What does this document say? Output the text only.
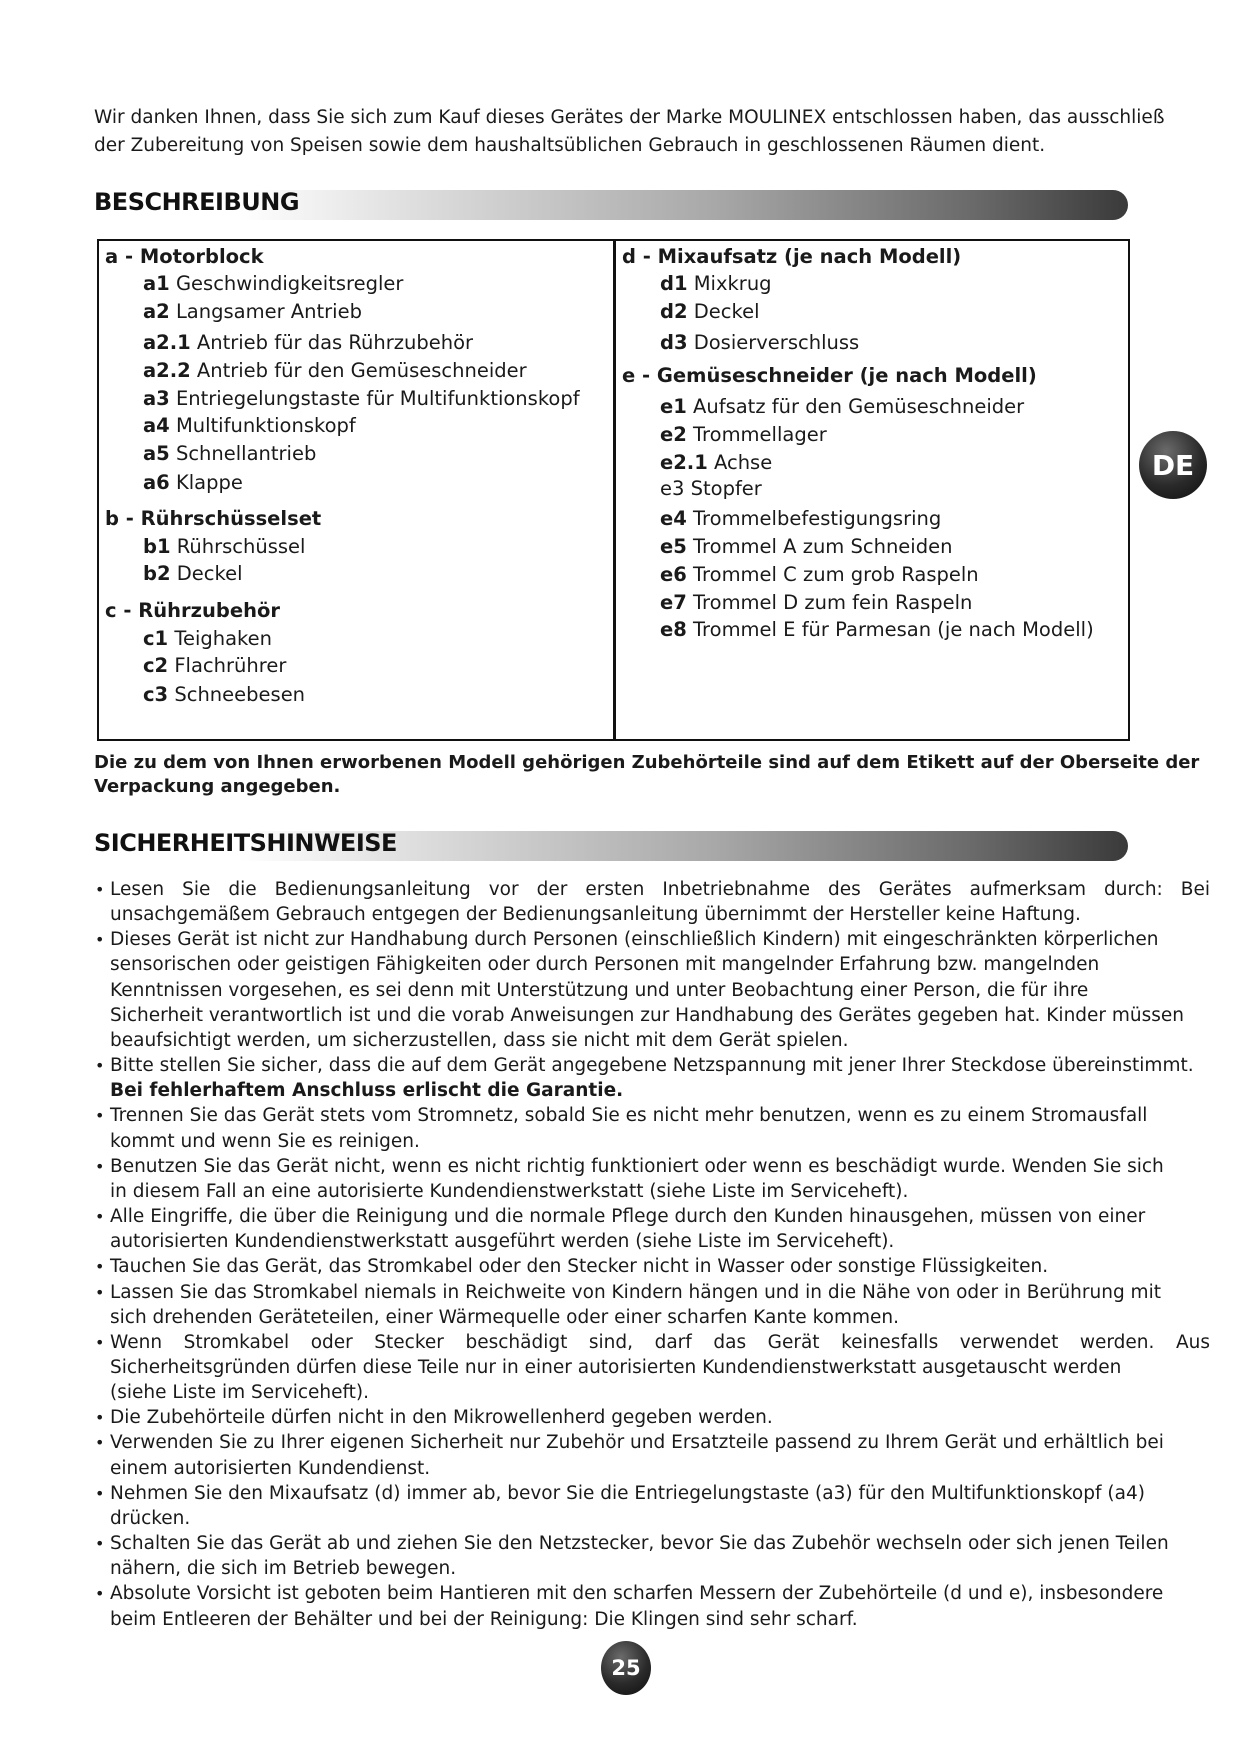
Wir danken Ihnen, dass Sie sich zum Kauf dieses Gerätes der Marke MOULINEX entschlossen haben, das ausschließ
der Zubereitung von Speisen sowie dem haushaltsüblichen Gebrauch in geschlossenen Räumen dient.
BESCHREIBUNG
a - Motorblock
a1 Geschwindigkeitsregler
a2 Langsamer Antrieb
a2.1 Antrieb für das Rührzubehör
a2.2 Antrieb für den Gemüseschneider
a3 Entriegelungstaste für Multifunktionskopf
a4 Multifunktionskopf
a5 Schnellantrieb
a6 Klappe
b - Rührschüsselset
b1 Rührschüssel
b2 Deckel
c - Rührzubehör
c1 Teighaken
c2 Flachrührer
c3 Schneebesen
d - Mixaufsatz (je nach Modell)
d1 Mixkrug
d2 Deckel
d3 Dosierverschluss
e - Gemüseschneider (je nach Modell)
e1 Aufsatz für den Gemüseschneider
e2 Trommellager
e2.1 Achse
e3 Stopfer
e4 Trommelbefestigungsring
e5 Trommel A zum Schneiden
e6 Trommel C zum grob Raspeln
e7 Trommel D zum fein Raspeln
e8 Trommel E für Parmesan (je nach Modell)
Die zu dem von Ihnen erworbenen Modell gehörigen Zubehörteile sind auf dem Etikett auf der Oberseite der
Verpackung angegeben.
DE
SICHERHEITSHINWEISE
• Lesen Sie die Bedienungsanleitung vor der ersten Inbetriebnahme des Gerätes aufmerksam durch: Bei
unsachgemäßem Gebrauch entgegen der Bedienungsanleitung übernimmt der Hersteller keine Haftung.
• Dieses Gerät ist nicht zur Handhabung durch Personen (einschließlich Kindern) mit eingeschränkten körperlichen
sensorischen oder geistigen Fähigkeiten oder durch Personen mit mangelnder Erfahrung bzw. mangelnden
Kenntnissen vorgesehen, es sei denn mit Unterstützung und unter Beobachtung einer Person, die für ihre
Sicherheit verantwortlich ist und die vorab Anweisungen zur Handhabung des Gerätes gegeben hat. Kinder müssen
beaufsichtigt werden, um sicherzustellen, dass sie nicht mit dem Gerät spielen.
• Bitte stellen Sie sicher, dass die auf dem Gerät angegebene Netzspannung mit jener Ihrer Steckdose übereinstimmt.
Bei fehlerhaftem Anschluss erlischt die Garantie.
• Trennen Sie das Gerät stets vom Stromnetz, sobald Sie es nicht mehr benutzen, wenn es zu einem Stromausfall
kommt und wenn Sie es reinigen.
• Benutzen Sie das Gerät nicht, wenn es nicht richtig funktioniert oder wenn es beschädigt wurde. Wenden Sie sich
in diesem Fall an eine autorisierte Kundendienstwerkstatt (siehe Liste im Serviceheft).
• Alle Eingriffe, die über die Reinigung und die normale Pflege durch den Kunden hinausgehen, müssen von einer
autorisierten Kundendienstwerkstatt ausgeführt werden (siehe Liste im Serviceheft).
• Tauchen Sie das Gerät, das Stromkabel oder den Stecker nicht in Wasser oder sonstige Flüssigkeiten.
• Lassen Sie das Stromkabel niemals in Reichweite von Kindern hängen und in die Nähe von oder in Berührung mit
sich drehenden Geräteteilen, einer Wärmequelle oder einer scharfen Kante kommen.
• Wenn Stromkabel oder Stecker beschädigt sind, darf das Gerät keinesfalls verwendet werden. Aus
Sicherheitsgründen dürfen diese Teile nur in einer autorisierten Kundendienstwerkstatt ausgetauscht werden
(siehe Liste im Serviceheft).
• Die Zubehörteile dürfen nicht in den Mikrowellenherd gegeben werden.
• Verwenden Sie zu Ihrer eigenen Sicherheit nur Zubehör und Ersatzteile passend zu Ihrem Gerät und erhältlich bei
einem autorisierten Kundendienst.
• Nehmen Sie den Mixaufsatz (d) immer ab, bevor Sie die Entriegelungstaste (a3) für den Multifunktionskopf (a4)
drücken.
• Schalten Sie das Gerät ab und ziehen Sie den Netzstecker, bevor Sie das Zubehör wechseln oder sich jenen Teilen
nähern, die sich im Betrieb bewegen.
• Absolute Vorsicht ist geboten beim Hantieren mit den scharfen Messern der Zubehörteile (d und e), insbesondere
beim Entleeren der Behälter und bei der Reinigung: Die Klingen sind sehr scharf.
25
